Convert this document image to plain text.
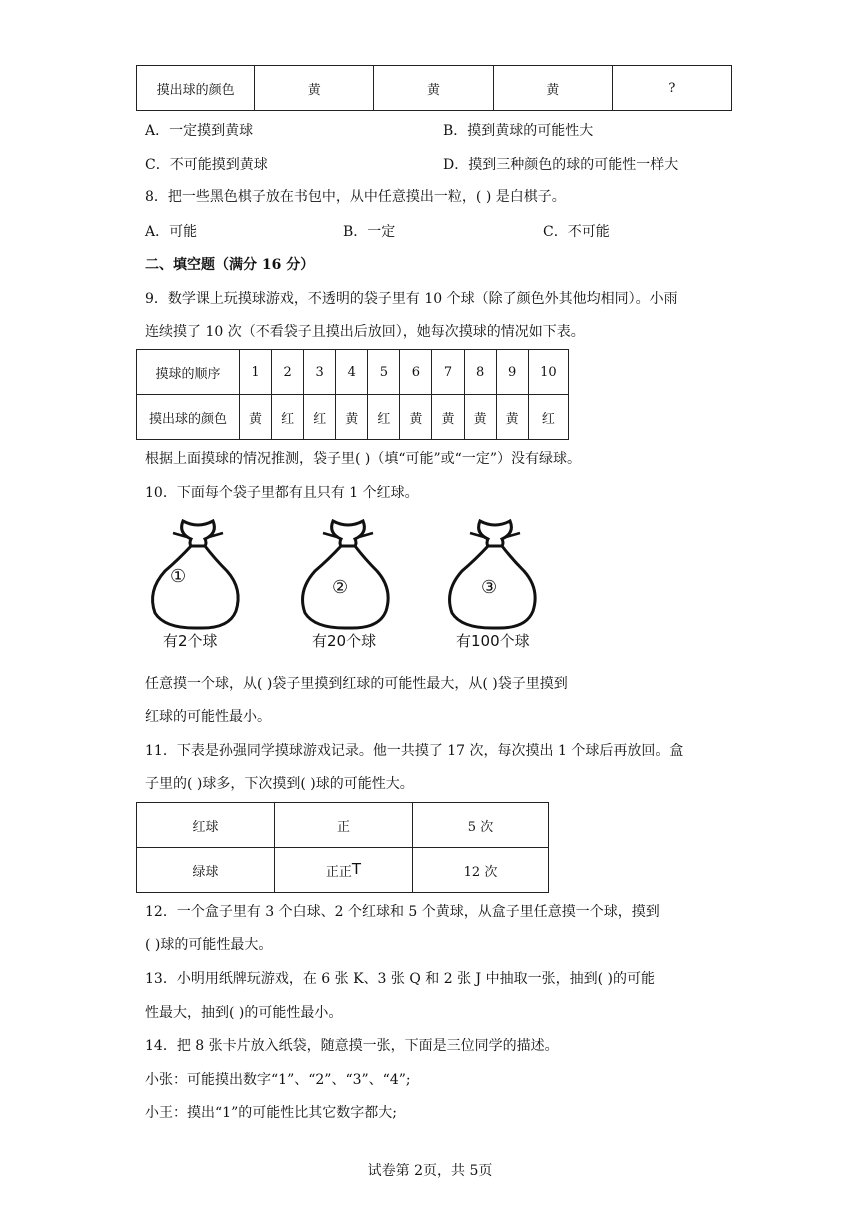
摸出球的颜色	黄	黄	黄	?
A．一定摸到黄球	B．摸到黄球的可能性大
C．不可能摸到黄球	D．摸到三种颜色的球的可能性一样大
8．把一些黑色棋子放在书包中，从中任意摸出一粒，( ) 是白棋子。
A．可能	B．一定	C．不可能
二、填空题（满分 16 分）
9．数学课上玩摸球游戏，不透明的袋子里有 10 个球（除了颜色外其他均相同）。小雨
连续摸了 10 次（不看袋子且摸出后放回），她每次摸球的情况如下表。
摸球的顺序	1	2	3	4	5	6	7	8	9	10
摸出球的颜色	黄	红	红	黄	红	黄	黄	黄	黄	红
根据上面摸球的情况推测，袋子里( )（填“可能”或“一定”）没有绿球。
10．下面每个袋子里都有且只有 1 个红球。
①
有2个球
②
有20个球
③
有100个球
任意摸一个球，从( )袋子里摸到红球的可能性最大，从( )袋子里摸到
红球的可能性最小。
11．下表是孙强同学摸球游戏记录。他一共摸了 17 次，每次摸出 1 个球后再放回。盒
子里的( )球多，下次摸到( )球的可能性大。
红球	正	5 次
绿球	正正T	12 次
12．一个盒子里有 3 个白球、2 个红球和 5 个黄球，从盒子里任意摸一个球，摸到
( )球的可能性最大。
13．小明用纸牌玩游戏，在 6 张 K、3 张 Q 和 2 张 J 中抽取一张，抽到( )的可能
性最大，抽到( )的可能性最小。
14．把 8 张卡片放入纸袋，随意摸一张，下面是三位同学的描述。
小张：可能摸出数字“1”、“2”、“3”、“4”;
小王：摸出“1”的可能性比其它数字都大;
试卷第 2页，共 5页
